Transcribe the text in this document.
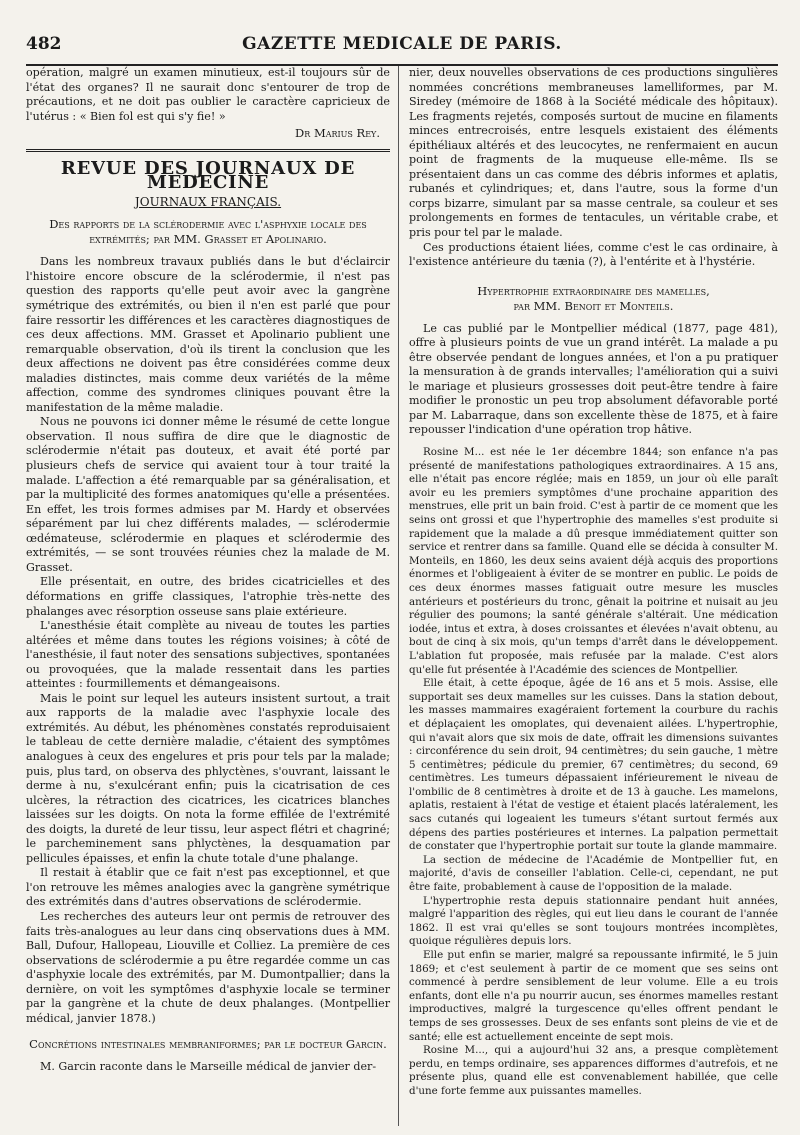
482	GAZETTE MEDICALE DE PARIS.

opération, malgré un examen minutieux, est-il toujours sûr de l'état des organes? Il ne saurait donc s'entourer de trop de précautions, et ne doit pas oublier le caractère capricieux de l'utérus : « Bien fol est qui s'y fie! »

Dr Marius Rey.
REVUE DES JOURNAUX DE MEDECINE
JOURNAUX FRANÇAIS.
Des rapports de la sclérodermie avec l'asphyxie locale des extrémités; par MM. Grasset et Apolinario.

Dans les nombreux travaux publiés dans le but d'éclaircir l'histoire encore obscure de la sclérodermie, il n'est pas question des rapports qu'elle peut avoir avec la gangrène symétrique des extrémités, ou bien il n'en est parlé que pour faire ressortir les différences et les caractères diagnostiques de ces deux affections. MM. Grasset et Apolinario publient une remarquable observation, d'où ils tirent la conclusion que les deux affections ne doivent pas être considérées comme deux maladies distinctes, mais comme deux variétés de la même affection, comme des syndromes cliniques pouvant être la manifestation de la même maladie.

Nous ne pouvons ici donner même le résumé de cette longue observation. Il nous suffira de dire que le diagnostic de sclérodermie n'était pas douteux, et avait été porté par plusieurs chefs de service qui avaient tour à tour traité la malade. L'affection a été remarquable par sa généralisation, et par la multiplicité des formes anatomiques qu'elle a présentées. En effet, les trois formes admises par M. Hardy et observées séparément par lui chez différents malades, — sclérodermie œdémateuse, sclérodermie en plaques et sclérodermie des extrémités, — se sont trouvées réunies chez la malade de M. Grasset.

Elle présentait, en outre, des brides cicatricielles et des déformations en griffe classiques, l'atrophie très-nette des phalanges avec résorption osseuse sans plaie extérieure.

L'anesthésie était complète au niveau de toutes les parties altérées et même dans toutes les régions voisines; à côté de l'anesthésie, il faut noter des sensations subjectives, spontanées ou provoquées, que la malade ressentait dans les parties atteintes : fourmillements et démangeaisons.

Mais le point sur lequel les auteurs insistent surtout, a trait aux rapports de la maladie avec l'asphyxie locale des extrémités. Au début, les phénomènes constatés reproduisaient le tableau de cette dernière maladie, c'étaient des symptômes analogues à ceux des engelures et pris pour tels par la malade; puis, plus tard, on observa des phlyctènes, s'ouvrant, laissant le derme à nu, s'exulcérant enfin; puis la cicatrisation de ces ulcères, la rétraction des cicatrices, les cicatrices blanches laissées sur les doigts. On nota la forme effilée de l'extrémité des doigts, la dureté de leur tissu, leur aspect flétri et chagriné; le parcheminement sans phlyctènes, la desquamation par pellicules épaisses, et enfin la chute totale d'une phalange.

Il restait à établir que ce fait n'est pas exceptionnel, et que l'on retrouve les mêmes analogies avec la gangrène symétrique des extrémités dans d'autres observations de sclérodermie.

Les recherches des auteurs leur ont permis de retrouver des faits très-analogues au leur dans cinq observations dues à MM. Ball, Dufour, Hallopeau, Liouville et Colliez. La première de ces observations de sclérodermie a pu être regardée comme un cas d'asphyxie locale des extrémités, par M. Dumontpallier; dans la dernière, on voit les symptômes d'asphyxie locale se terminer par la gangrène et la chute de deux phalanges. (Montpellier médical, janvier 1878.)

Concrétions intestinales membraniformes; par le docteur Garcin.

M. Garcin raconte dans le Marseille médical de janvier der-

nier, deux nouvelles observations de ces productions singulières nommées concrétions membraneuses lamelliformes, par M. Siredey (mémoire de 1868 à la Société médicale des hôpitaux). Les fragments rejetés, composés surtout de mucine en filaments minces entrecroisés, entre lesquels existaient des éléments épithéliaux altérés et des leucocytes, ne renfermaient en aucun point de fragments de la muqueuse elle-même. Ils se présentaient dans un cas comme des débris informes et aplatis, rubanés et cylindriques; et, dans l'autre, sous la forme d'un corps bizarre, simulant par sa masse centrale, sa couleur et ses prolongements en formes de tentacules, un véritable crabe, et pris pour tel par le malade.

Ces productions étaient liées, comme c'est le cas ordinaire, à l'existence antérieure du tænia (?), à l'entérite et à l'hystérie.

Hypertrophie extraordinaire des mamelles,
par MM. Benoit et Monteils.

Le cas publié par le Montpellier médical (1877, page 481), offre à plusieurs points de vue un grand intérêt. La malade a pu être observée pendant de longues années, et l'on a pu pratiquer la mensuration à de grands intervalles; l'amélioration qui a suivi le mariage et plusieurs grossesses doit peut-être tendre à faire modifier le pronostic un peu trop absolument défavorable porté par M. Labarraque, dans son excellente thèse de 1875, et à faire repousser l'indication d'une opération trop hâtive.

Rosine M... est née le 1er décembre 1844; son enfance n'a pas présenté de manifestations pathologiques extraordinaires. A 15 ans, elle n'était pas encore réglée; mais en 1859, un jour où elle paraît avoir eu les premiers symptômes d'une prochaine apparition des menstrues, elle prit un bain froid. C'est à partir de ce moment que les seins ont grossi et que l'hypertrophie des mamelles s'est produite si rapidement que la malade a dû presque immédiatement quitter son service et rentrer dans sa famille. Quand elle se décida à consulter M. Monteils, en 1860, les deux seins avaient déjà acquis des proportions énormes et l'obligeaient à éviter de se montrer en public. Le poids de ces deux énormes masses fatiguait outre mesure les muscles antérieurs et postérieurs du tronc, gênait la poitrine et nuisait au jeu régulier des poumons; la santé générale s'altérait. Une médication iodée, intus et extra, à doses croissantes et élevées n'avait obtenu, au bout de cinq à six mois, qu'un temps d'arrêt dans le développement. L'ablation fut proposée, mais refusée par la malade. C'est alors qu'elle fut présentée à l'Académie des sciences de Montpellier.

Elle était, à cette époque, âgée de 16 ans et 5 mois. Assise, elle supportait ses deux mamelles sur les cuisses. Dans la station debout, les masses mammaires exagéraient fortement la courbure du rachis et déplaçaient les omoplates, qui devenaient ailées. L'hypertrophie, qui n'avait alors que six mois de date, offrait les dimensions suivantes : circonférence du sein droit, 94 centimètres; du sein gauche, 1 mètre 5 centimètres; pédicule du premier, 67 centimètres; du second, 69 centimètres. Les tumeurs dépassaient inférieurement le niveau de l'ombilic de 8 centimètres à droite et de 13 à gauche. Les mamelons, aplatis, restaient à l'état de vestige et étaient placés latéralement, les sacs cutanés qui logeaient les tumeurs s'étant surtout fermés aux dépens des parties postérieures et internes. La palpation permettait de constater que l'hypertrophie portait sur toute la glande mammaire.

La section de médecine de l'Académie de Montpellier fut, en majorité, d'avis de conseiller l'ablation. Celle-ci, cependant, ne put être faite, probablement à cause de l'opposition de la malade.

L'hypertrophie resta depuis stationnaire pendant huit années, malgré l'apparition des règles, qui eut lieu dans le courant de l'année 1862. Il est vrai qu'elles se sont toujours montrées incomplètes, quoique régulières depuis lors.

Elle put enfin se marier, malgré sa repoussante infirmité, le 5 juin 1869; et c'est seulement à partir de ce moment que ses seins ont commencé à perdre sensiblement de leur volume. Elle a eu trois enfants, dont elle n'a pu nourrir aucun, ses énormes mamelles restant improductives, malgré la turgescence qu'elles offrent pendant le temps de ses grossesses. Deux de ses enfants sont pleins de vie et de santé; elle est actuellement enceinte de sept mois.

Rosine M..., qui a aujourd'hui 32 ans, a presque complètement perdu, en temps ordinaire, ses apparences difformes d'autrefois, et ne présente plus, quand elle est convenablement habillée, que celle d'une forte femme aux puissantes mamelles.
